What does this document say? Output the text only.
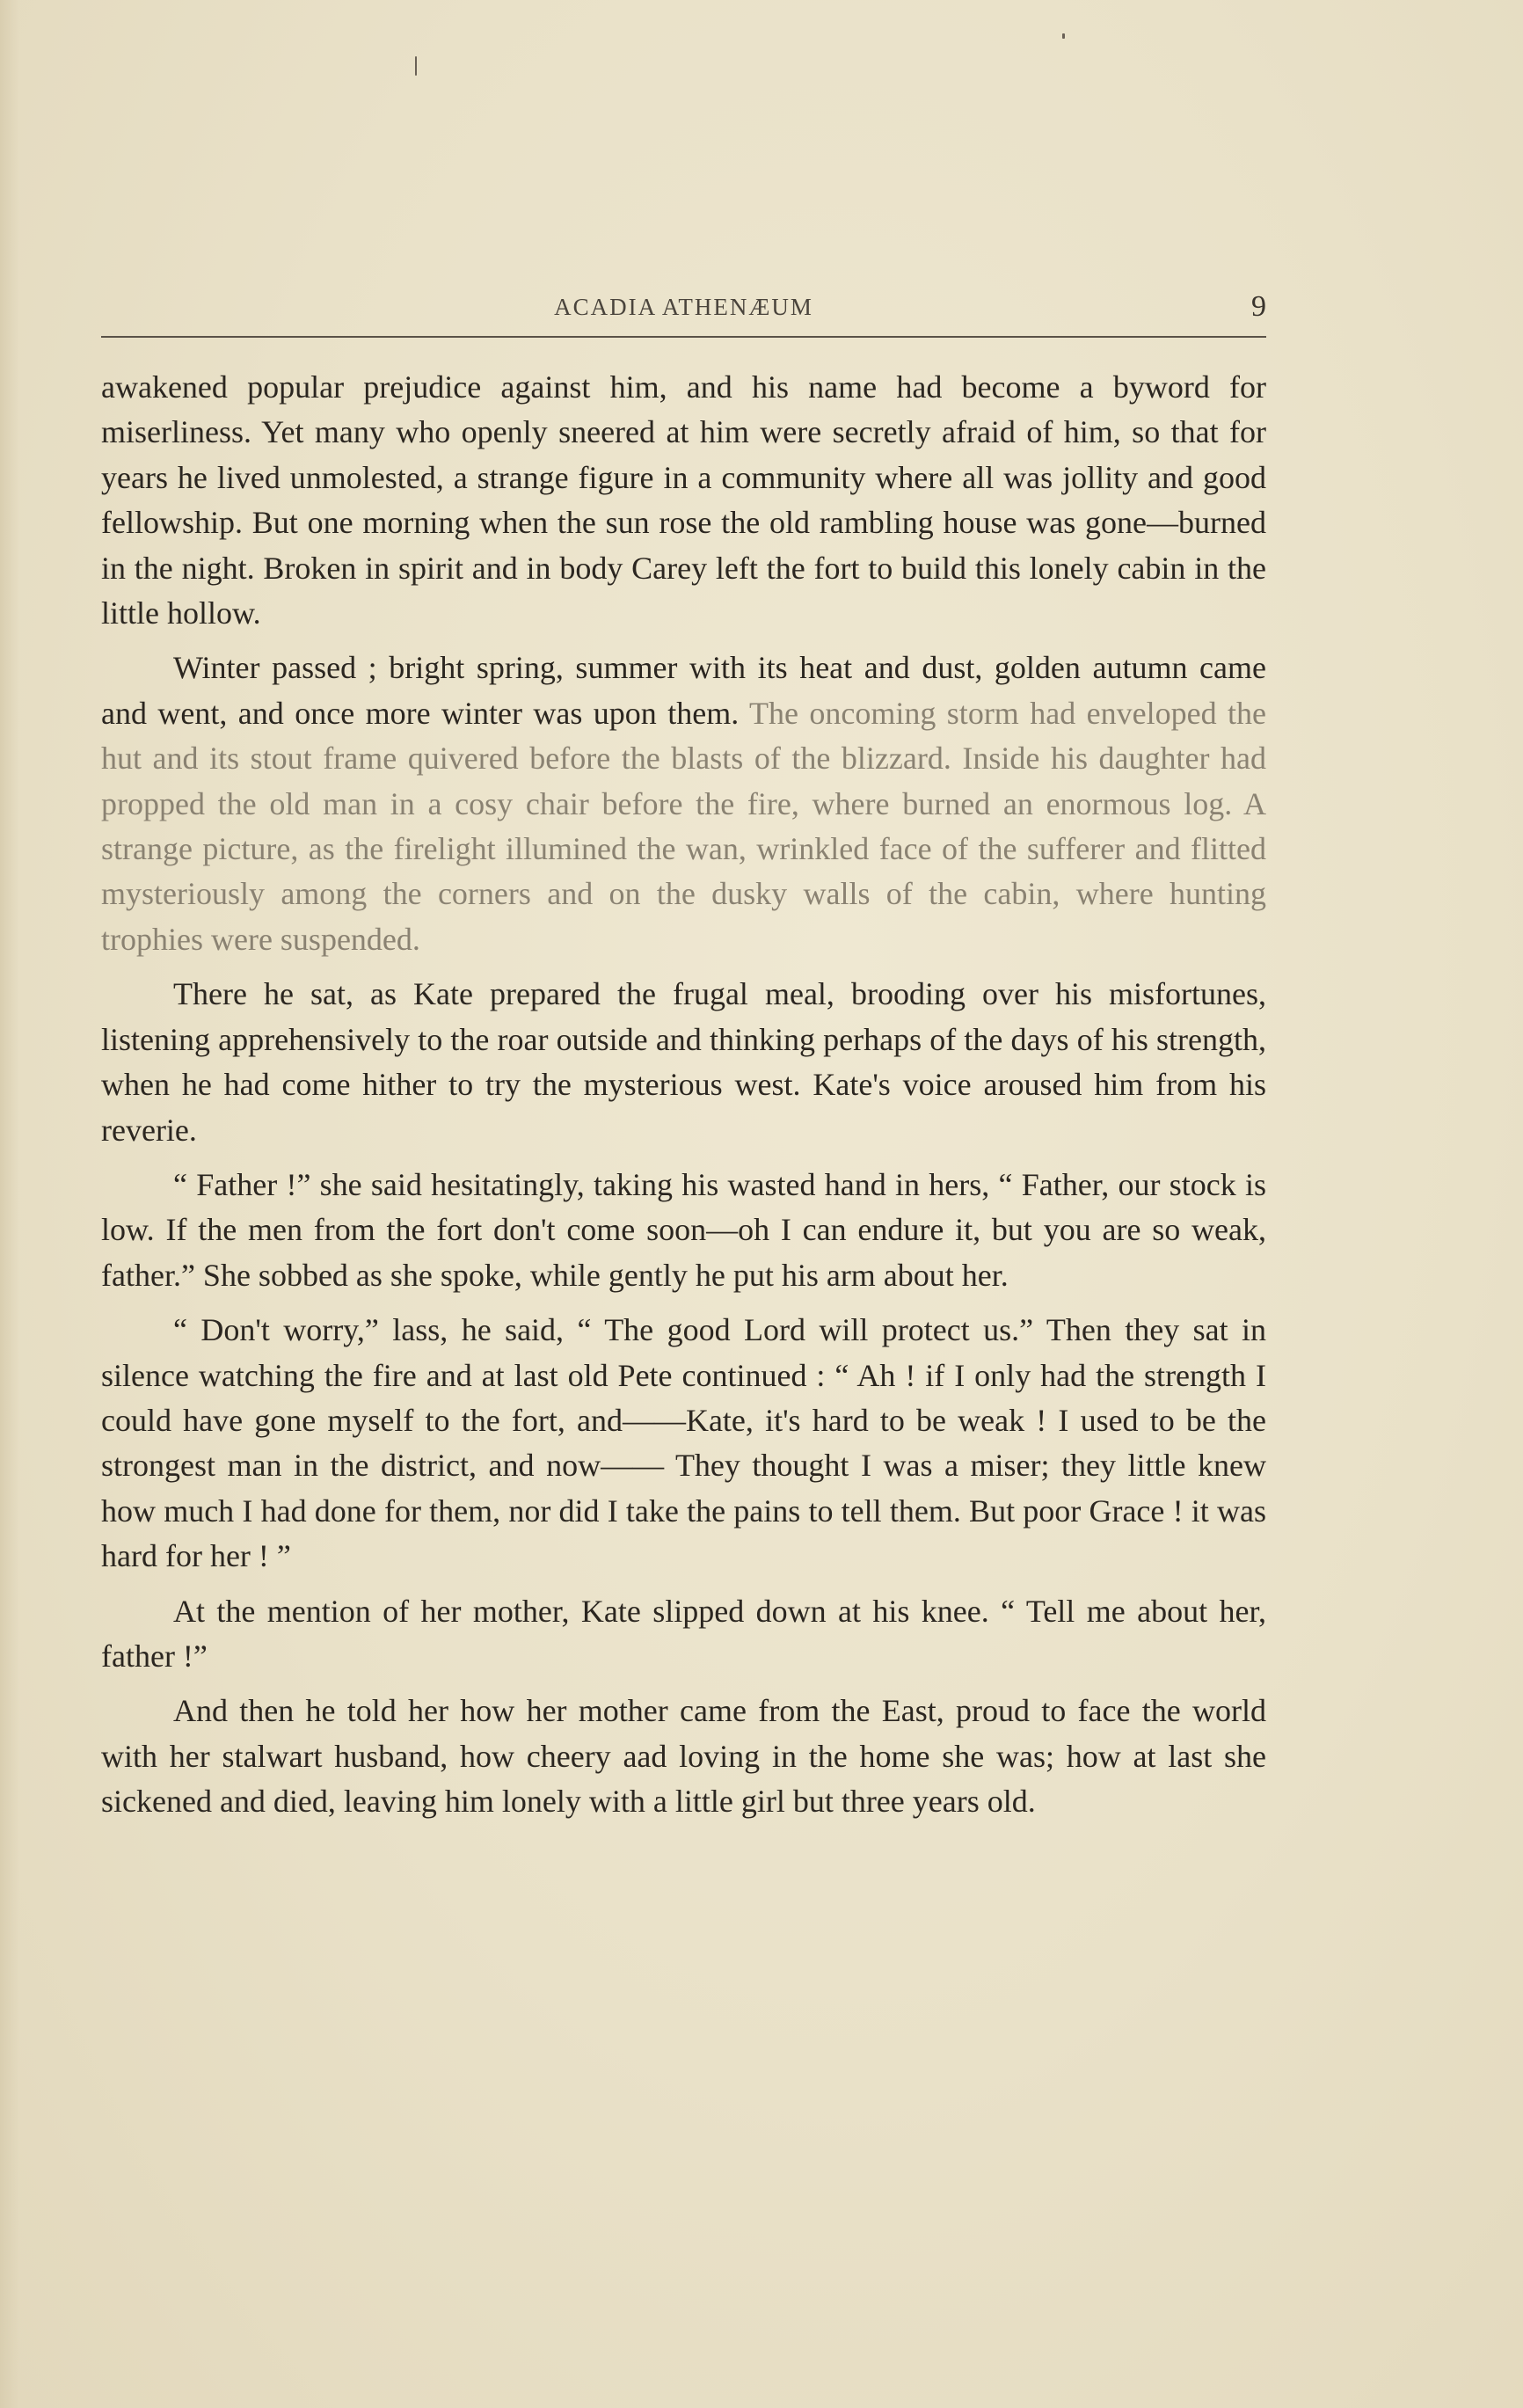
ACADIA ATHENÆUM	9

awakened popular prejudice against him, and his name had become a byword for miserliness. Yet many who openly sneered at him were secretly afraid of him, so that for years he lived unmolested, a strange figure in a community where all was jollity and good fellowship. But one morning when the sun rose the old rambling house was gone—burned in the night. Broken in spirit and in body Carey left the fort to build this lonely cabin in the little hollow.

Winter passed ; bright spring, summer with its heat and dust, golden autumn came and went, and once more winter was upon them. The oncoming storm had enveloped the hut and its stout frame quivered before the blasts of the blizzard. Inside his daughter had propped the old man in a cosy chair before the fire, where burned an enormous log. A strange picture, as the firelight illumined the wan, wrinkled face of the sufferer and flitted mysteriously among the corners and on the dusky walls of the cabin, where hunting trophies were suspended.

There he sat, as Kate prepared the frugal meal, brooding over his misfortunes, listening apprehensively to the roar outside and thinking perhaps of the days of his strength, when he had come hither to try the mysterious west. Kate's voice aroused him from his reverie.

“ Father !” she said hesitatingly, taking his wasted hand in hers, “ Father, our stock is low. If the men from the fort don't come soon—oh I can endure it, but you are so weak, father.” She sobbed as she spoke, while gently he put his arm about her.

“ Don't worry,” lass, he said, “ The good Lord will protect us.” Then they sat in silence watching the fire and at last old Pete continued : “ Ah ! if I only had the strength I could have gone myself to the fort, and——Kate, it's hard to be weak ! I used to be the strongest man in the district, and now—— They thought I was a miser; they little knew how much I had done for them, nor did I take the pains to tell them. But poor Grace ! it was hard for her ! ”

At the mention of her mother, Kate slipped down at his knee. “ Tell me about her, father !”

And then he told her how her mother came from the East, proud to face the world with her stalwart husband, how cheery aad loving in the home she was; how at last she sickened and died, leaving him lonely with a little girl but three years old.
